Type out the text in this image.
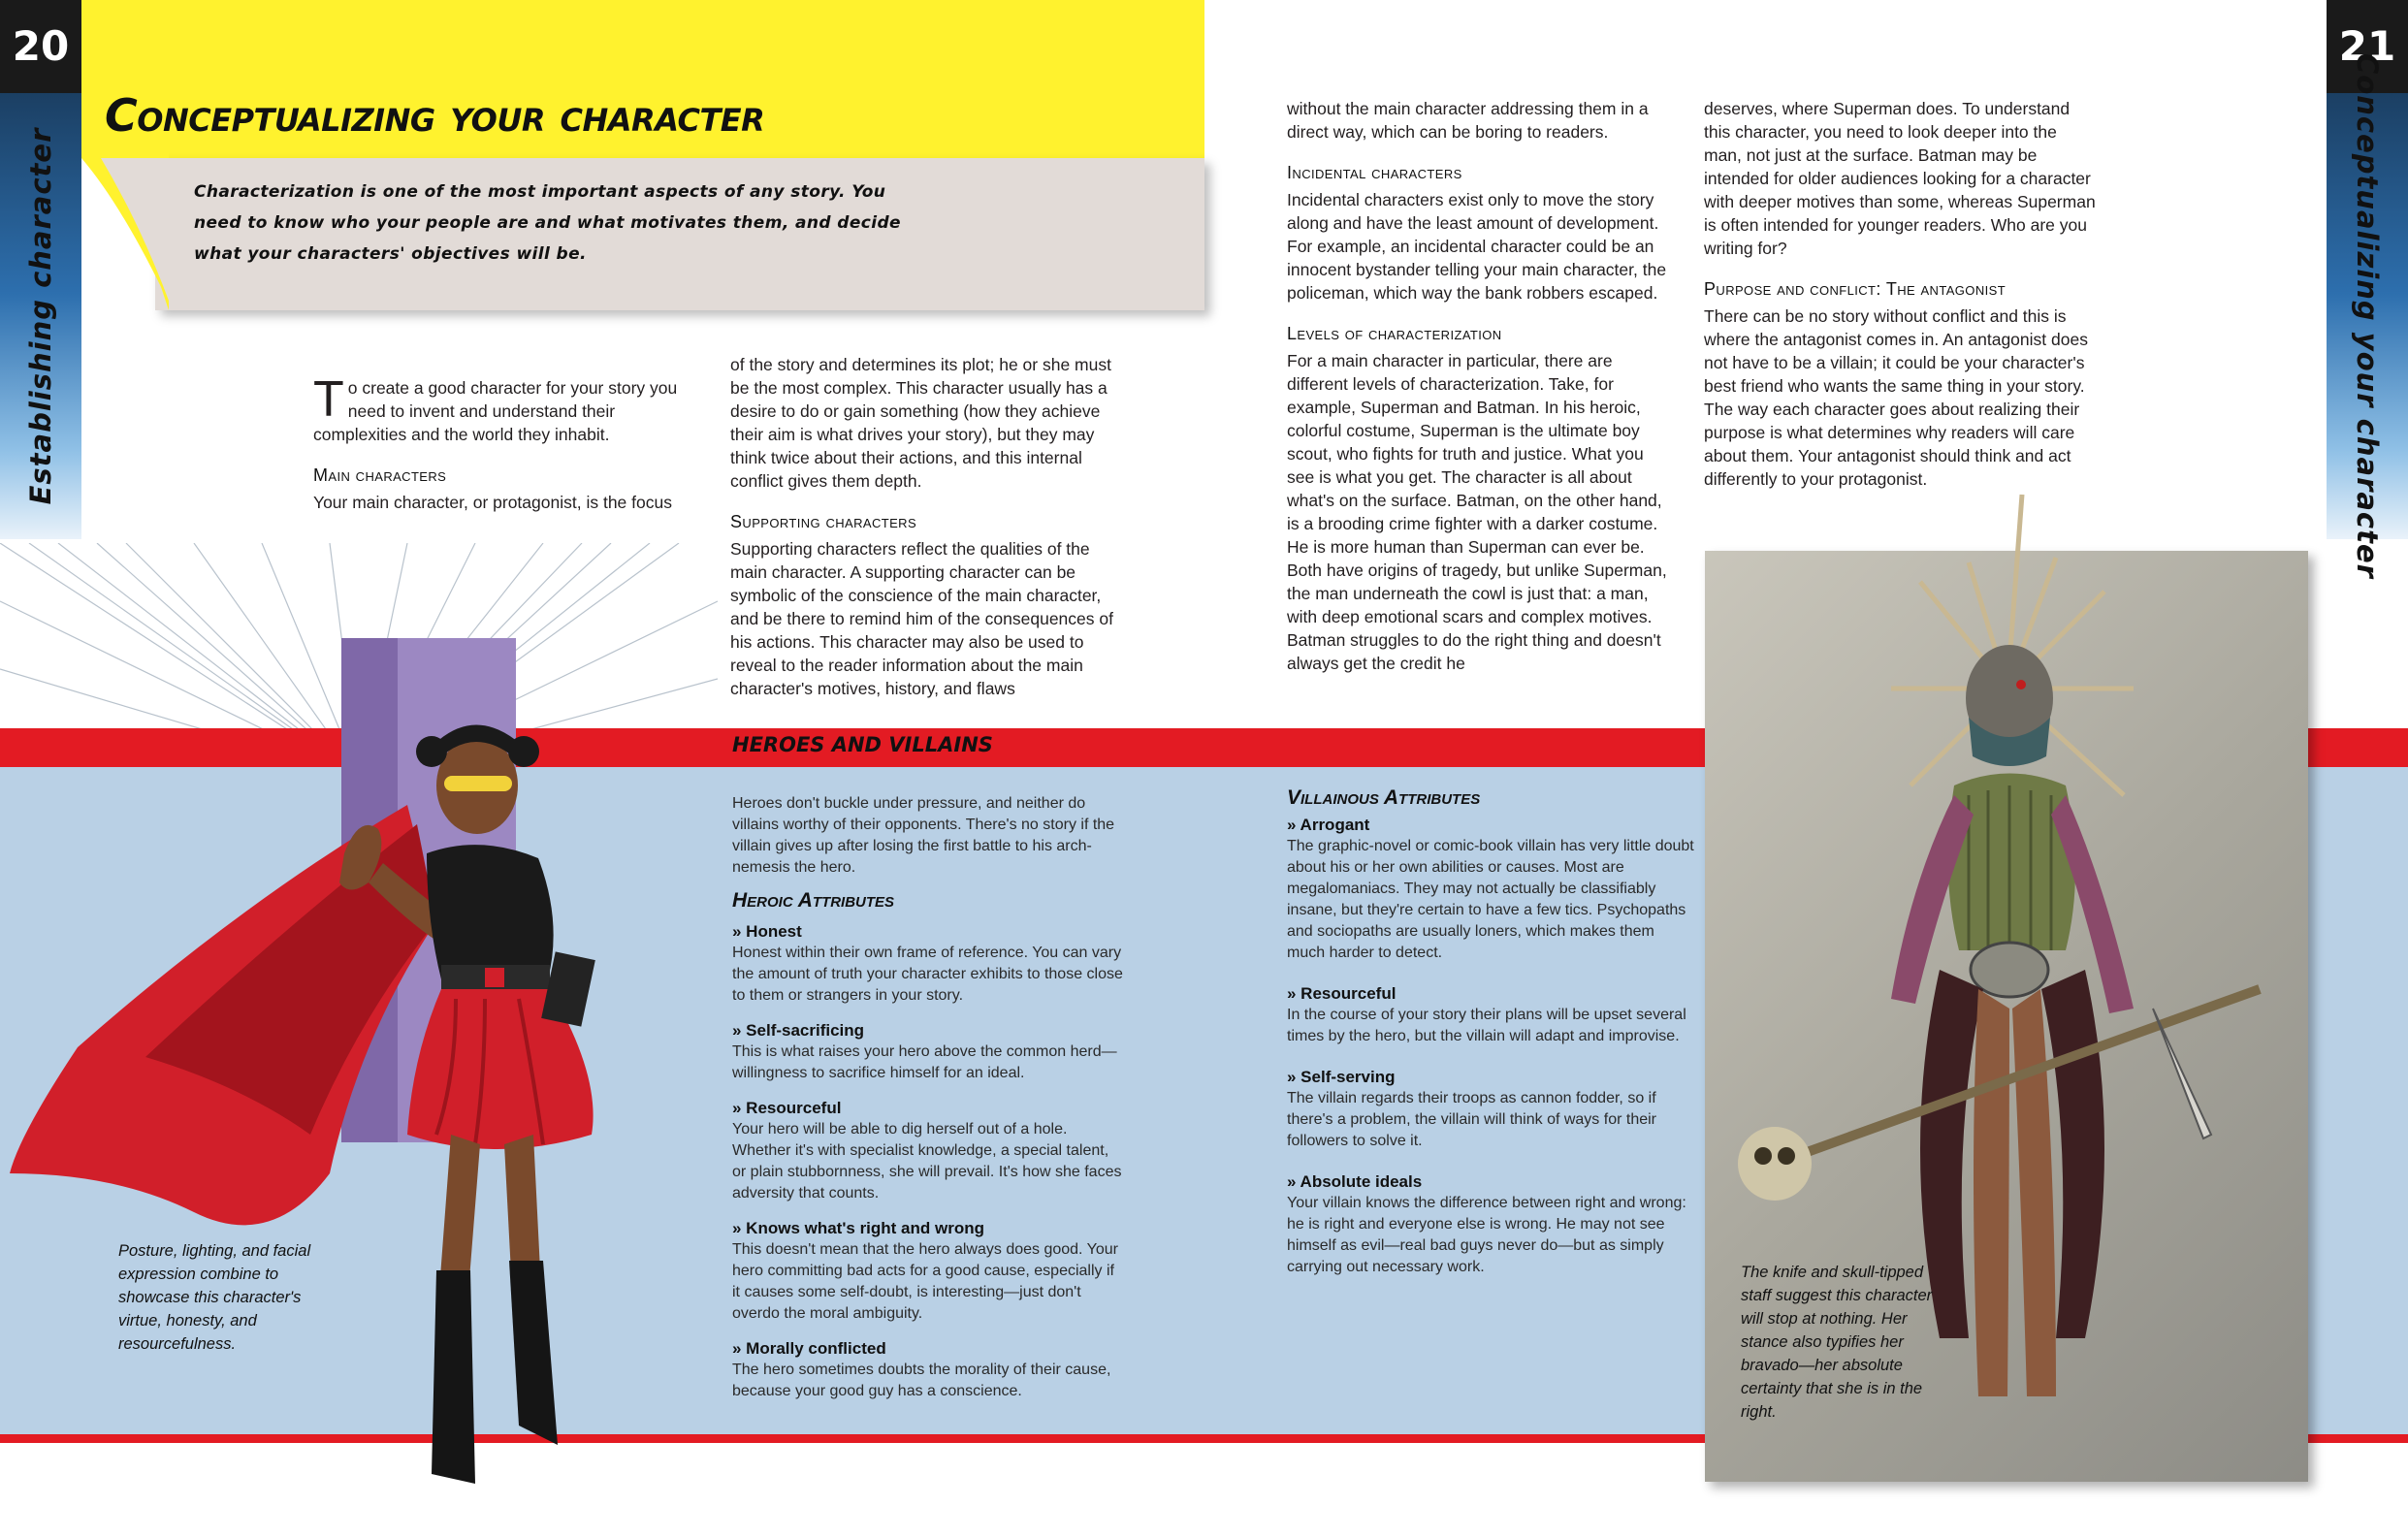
20
Establishing character
Conceptualizing your character
Characterization is one of the most important aspects of any story. You need to know who your people are and what motivates them, and decide what your characters' objectives will be.

To create a good character for your story you need to invent and understand their complexities and the world they inhabit.

Main characters

Your main character, or protagonist, is the focus

of the story and determines its plot; he or she must be the most complex. This character usually has a desire to do or gain something (how they achieve their aim is what drives your story), but they may think twice about their actions, and this internal conflict gives them depth.

Supporting characters

Supporting characters reflect the qualities of the main character. A supporting character can be symbolic of the conscience of the main character, and be there to remind him of the consequences of his actions. This character may also be used to reveal to the reader information about the main character's motives, history, and flaws

21
Conceptualizing your character

without the main character addressing them in a direct way, which can be boring to readers.

Incidental characters

Incidental characters exist only to move the story along and have the least amount of development. For example, an incidental character could be an innocent bystander telling your main character, the policeman, which way the bank robbers escaped.

Levels of characterization

For a main character in particular, there are different levels of characterization. Take, for example, Superman and Batman. In his heroic, colorful costume, Superman is the ultimate boy scout, who fights for truth and justice. What you see is what you get. The character is all about what's on the surface. Batman, on the other hand, is a brooding crime fighter with a darker costume. He is more human than Superman can ever be. Both have origins of tragedy, but unlike Superman, the man underneath the cowl is just that: a man, with deep emotional scars and complex motives. Batman struggles to do the right thing and doesn't always get the credit he

deserves, where Superman does. To understand this character, you need to look deeper into the man, not just at the surface. Batman may be intended for older audiences looking for a character with deeper motives than some, whereas Superman is often intended for younger readers. Who are you writing for?

Purpose and conflict: The antagonist

There can be no story without conflict and this is where the antagonist comes in. An antagonist does not have to be a villain; it could be your character's best friend who wants the same thing in your story. The way each character goes about realizing their purpose is what determines why readers will care about them. Your antagonist should think and act differently to your protagonist.

HEROES AND VILLAINS
Posture, lighting, and facial expression combine to showcase this character's virtue, honesty, and resourcefulness.

Heroes don't buckle under pressure, and neither do villains worthy of their opponents. There's no story if the villain gives up after losing the first battle to his arch-nemesis the hero.

Heroic Attributes
» Honest

Honest within their own frame of reference. You can vary the amount of truth your character exhibits to those close to them or strangers in your story.

» Self-sacrificing

This is what raises your hero above the common herd—willingness to sacrifice himself for an ideal.

» Resourceful

Your hero will be able to dig herself out of a hole. Whether it's with specialist knowledge, a special talent, or plain stubbornness, she will prevail. It's how she faces adversity that counts.

» Knows what's right and wrong

This doesn't mean that the hero always does good. Your hero committing bad acts for a good cause, especially if it causes some self-doubt, is interesting—just don't overdo the moral ambiguity.

» Morally conflicted

The hero sometimes doubts the morality of their cause, because your good guy has a conscience.

Villainous Attributes
» Arrogant

The graphic-novel or comic-book villain has very little doubt about his or her own abilities or causes. Most are megalomaniacs. They may not actually be classifiably insane, but they're certain to have a few tics. Psychopaths and sociopaths are usually loners, which makes them much harder to detect.

» Resourceful

In the course of your story their plans will be upset several times by the hero, but the villain will adapt and improvise.

» Self-serving

The villain regards their troops as cannon fodder, so if there's a problem, the villain will think of ways for their followers to solve it.

» Absolute ideals

Your villain knows the difference between right and wrong: he is right and everyone else is wrong. He may not see himself as evil—real bad guys never do—but as simply carrying out necessary work.	The knife and skull-tipped staff suggest this character will stop at nothing. Her stance also typifies her bravado—her absolute certainty that she is in the right.
